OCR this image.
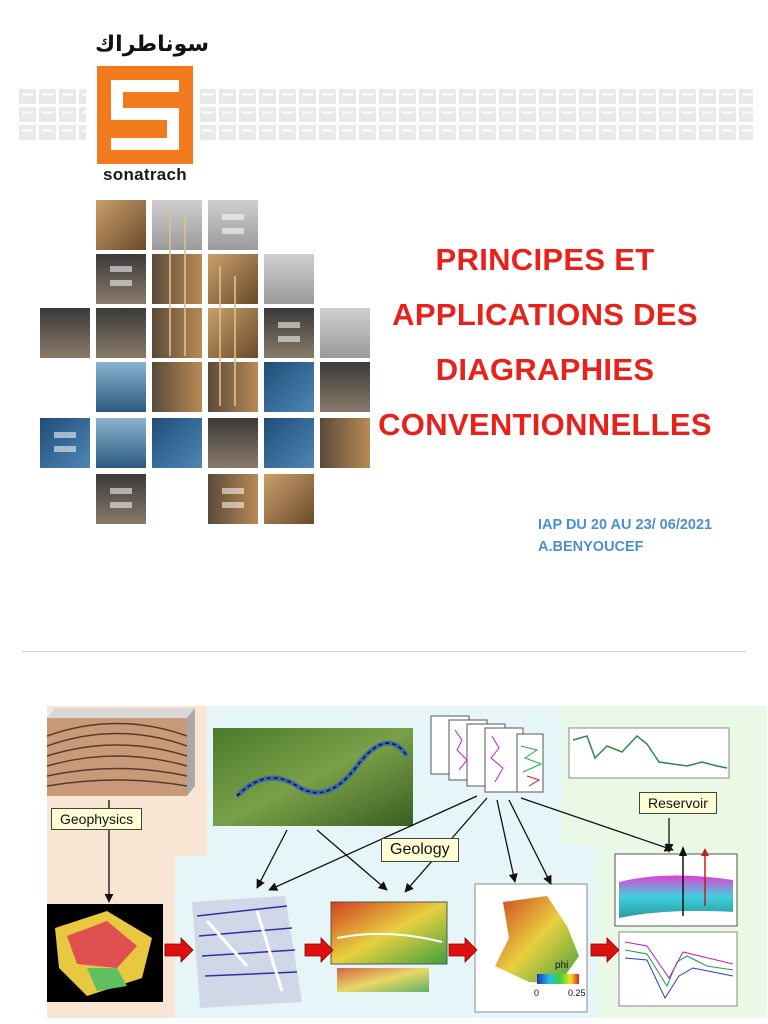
سوناطراك
sonatrach
PRINCIPES ET
APPLICATIONS DES
DIAGRAPHIES
CONVENTIONNELLES
IAP DU 20 AU 23/ 06/2021
A.BENYOUCEF
Geophysics
Geology
Reservoir
phi
0	0.25
